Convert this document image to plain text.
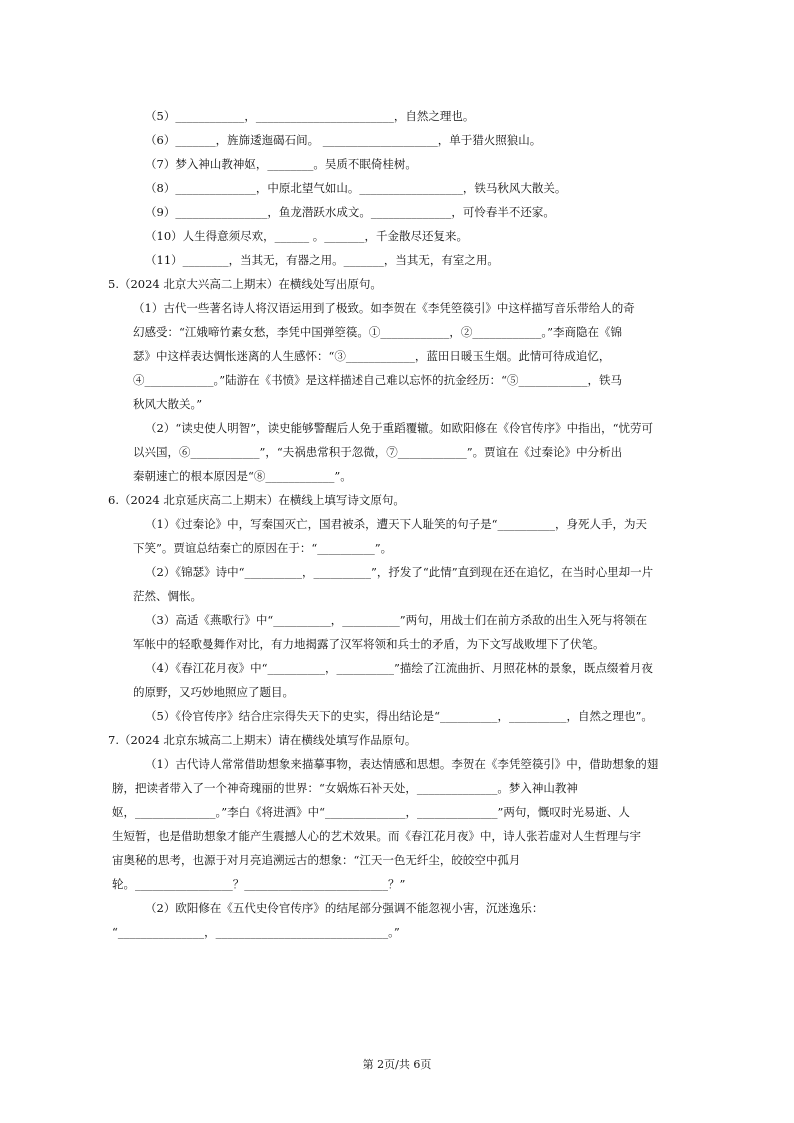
（5）____________，________________________，自然之理也。

（6）_______，旌旆逶迤碣石间。 ____________________，单于猎火照狼山。

（7）梦入神山教神妪，________。吴质不眠倚桂树。

（8）______________，中原北望气如山。__________________，铁马秋风大散关。

（9）________________，鱼龙潜跃水成文。______________，可怜春半不还家。

（10）人生得意须尽欢，______ 。_______，千金散尽还复来。

（11）________，当其无，有器之用。_______，当其无，有室之用。

5.（2024 北京大兴高二上期末）在横线处写出原句。

（1）古代一些著名诗人将汉语运用到了极致。如李贺在《李凭箜篌引》中这样描写音乐带给人的奇

幻感受：“江娥啼竹素女愁，李凭中国弹箜篌。①____________，②____________。”李商隐在《锦

瑟》中这样表达惆怅迷离的人生感怀：“③____________，蓝田日暖玉生烟。此情可待成追忆，

④____________。”陆游在《书愤》是这样描述自己难以忘怀的抗金经历：“⑤____________，铁马

秋风大散关。”

（2）“读史使人明智”，读史能够警醒后人免于重蹈覆辙。如欧阳修在《伶官传序》中指出，“忧劳可

以兴国，⑥____________”，“夫祸患常积于忽微，⑦____________”。贾谊在《过秦论》中分析出

秦朝速亡的根本原因是“⑧____________”。

6.（2024 北京延庆高二上期末）在横线上填写诗文原句。

（1）《过秦论》中，写秦国灭亡，国君被杀，遭天下人耻笑的句子是“__________，身死人手，为天

下笑”。贾谊总结秦亡的原因在于：“__________”。

（2）《锦瑟》诗中“__________，__________”，抒发了“此情”直到现在还在追忆，在当时心里却一片

茫然、惆怅。

（3）高适《燕歌行》中“__________，__________”两句，用战士们在前方杀敌的出生入死与将领在

军帐中的轻歌曼舞作对比，有力地揭露了汉军将领和兵士的矛盾，为下文写战败埋下了伏笔。

（4）《春江花月夜》中“__________，__________”描绘了江流曲折、月照花林的景象，既点缀着月夜

的原野，又巧妙地照应了题目。

（5）《伶官传序》结合庄宗得失天下的史实，得出结论是“__________，__________，自然之理也”。

7.（2024 北京东城高二上期末）请在横线处填写作品原句。

（1）古代诗人常常借助想象来描摹事物，表达情感和思想。李贺在《李凭箜篌引》中，借助想象的翅

膀，把读者带入了一个神奇瑰丽的世界：“女娲炼石补天处，______________。梦入神山教神

妪，______________。”李白《将进酒》中“______________，______________”两句，慨叹时光易逝、人

生短暂，也是借助想象才能产生震撼人心的艺术效果。而《春江花月夜》中，诗人张若虚对人生哲理与宇

宙奥秘的思考，也源于对月亮追溯远古的想象：“江天一色无纤尘，皎皎空中孤月

轮。_________________？_________________________？”

（2）欧阳修在《五代史伶官传序》的结尾部分强调不能忽视小害，沉迷逸乐：

“_______________，______________________________。”

第 2页/共 6页
